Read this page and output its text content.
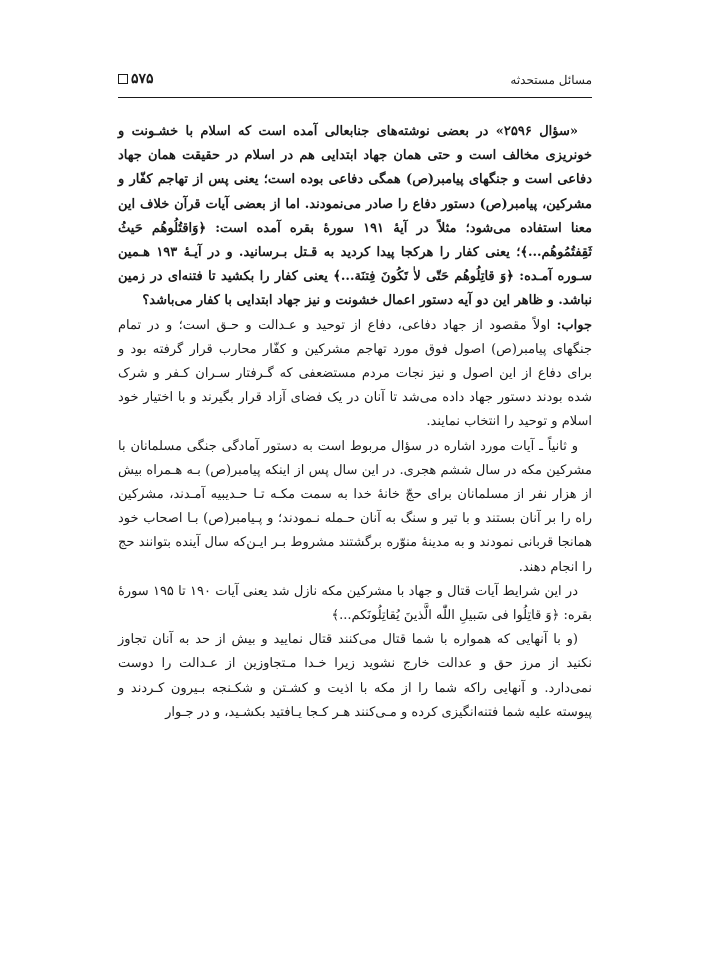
مسائل مستحدثه
۵۷۵

«سؤال ۲۵۹۶» در بعضی نوشته‌های جنابعالی آمده است که اسلام با خشـونت و خونریزی مخالف است و حتی همان جهاد ابتدایی هم در اسلام در حقیقت همان جهاد دفاعی است و جنگهای پیامبر(ص) همگی دفاعی بوده است؛ یعنی پس از تهاجم کفّار و مشرکین، پیامبر(ص) دستور دفاع را صادر می‌نمودند. اما از بعضی آیات قرآن خلاف این معنا استفاده می‌شود؛ مثلاً در آیهٔ ۱۹۱ سورهٔ بقره آمده است: ﴿وَاقتُلُوهُم حَیثُ ثَقِفتُمُوهُم...﴾؛ یعنی کفار را هرکجا پیدا کردید به قـتل بـرسانید. و در آیـهٔ ۱۹۳ هـمین سـوره آمـده: ﴿وَ قاتِلُوهُم حَتّی لاٰ تَکُونَ فِتنَة...﴾ یعنی کفار را بکشید تا فتنه‌ای در زمین نباشد. و ظاهر این دو آیه دستور اعمال خشونت و نیز جهاد ابتدایی با کفار می‌باشد؟

جواب: اولاً مقصود از جهاد دفاعی، دفاع از توحید و عـدالت و حـق است؛ و در تمام جنگهای پیامبر(ص) اصول فوق مورد تهاجم مشرکین و کفّار محارب قرار گرفته بود و برای دفاع از این اصول و نیز نجات مردم مستضعفی که گـرفتار سـران کـفر و شرک شده بودند دستور جهاد داده می‌شد تا آنان در یک فضای آزاد قرار بگیرند و با اختیار خود اسلام و توحید را انتخاب نمایند.

و ثانیاً ـ آیات مورد اشاره در سؤال مربوط است به دستور آمادگی جنگی مسلمانان با مشرکین مکه در سال ششم هجری. در این سال پس از اینکه پیامبر(ص) بـه هـمراه بیش از هزار نفر از مسلمانان برای حجّ خانهٔ خدا به سمت مکـه تـا حـدیبیه آمـدند، مشرکین راه را بر آنان بستند و با تیر و سنگ به آنان حـمله نـمودند؛ و پـیامبر(ص) بـا اصحاب خود همانجا قربانی نمودند و به مدینهٔ منوّره برگشتند مشروط بـر ایـن‌که سال آینده بتوانند حج را انجام دهند.

در این شرایط آیات قتال و جهاد با مشرکین مکه نازل شد یعنی آیات ۱۹۰ تا ۱۹۵ سورهٔ بقره: ﴿وَ قاتِلُوا فی سَبیلِ اللّٰه الَّذینَ یُقاتِلُونَکم...﴾

(و با آنهایی که همواره با شما قتال می‌کنند قتال نمایید و بیش از حد به آنان تجاوز نکنید از مرز حق و عدالت خارج نشوید زیرا خـدا مـتجاوزین از عـدالت را دوست نمی‌دارد. و آنهایی راکه شما را از مکه با اذیت و کشـتن و شکـنجه بـیرون کـردند و پیوسته علیه شما فتنه‌انگیزی کرده و مـی‌کنند هـر کـجا یـافتید بکشـید، و در جـوار
